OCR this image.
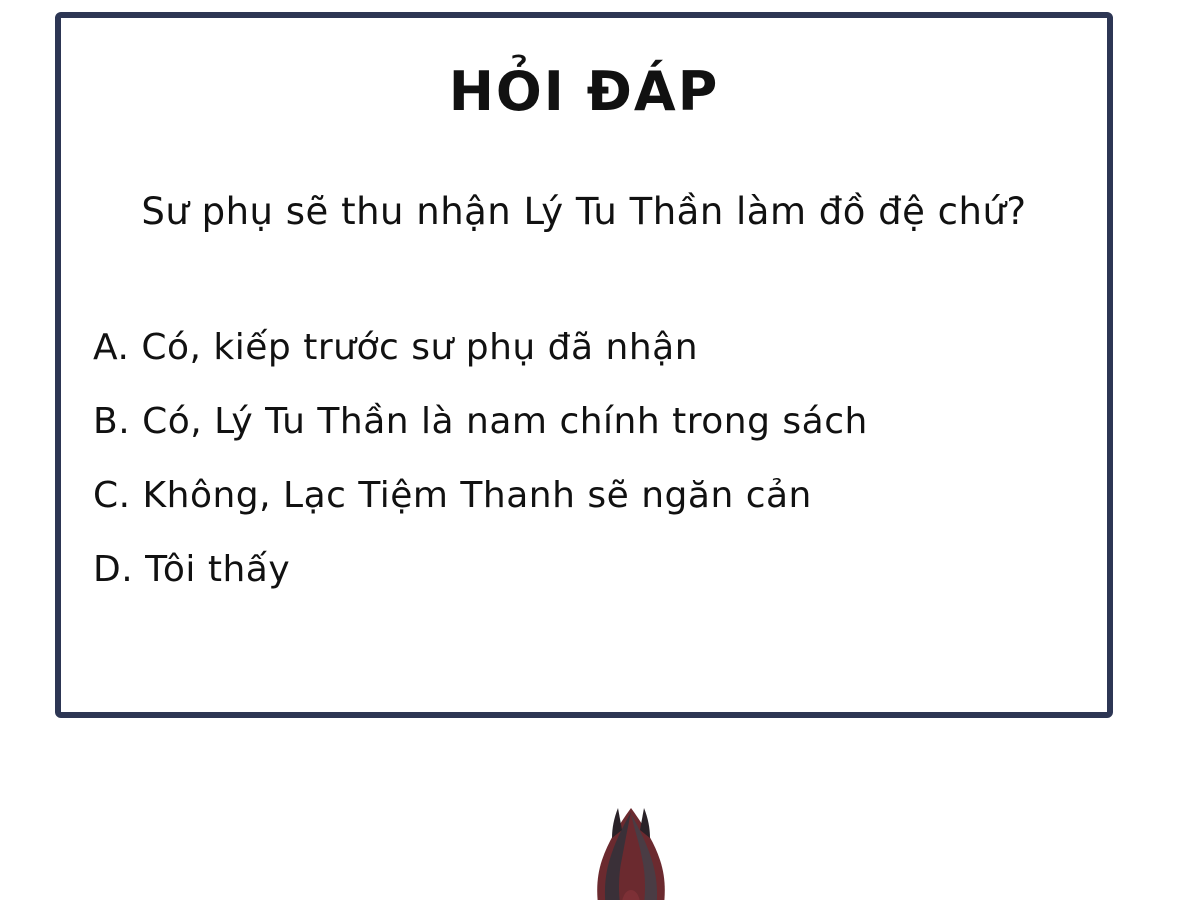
HỎI ĐÁP
Sư phụ sẽ thu nhận Lý Tu Thần làm đồ đệ chứ?
A. Có, kiếp trước sư phụ đã nhận
B. Có, Lý Tu Thần là nam chính trong sách
C. Không, Lạc Tiệm Thanh sẽ ngăn cản
D. Tôi thấy
